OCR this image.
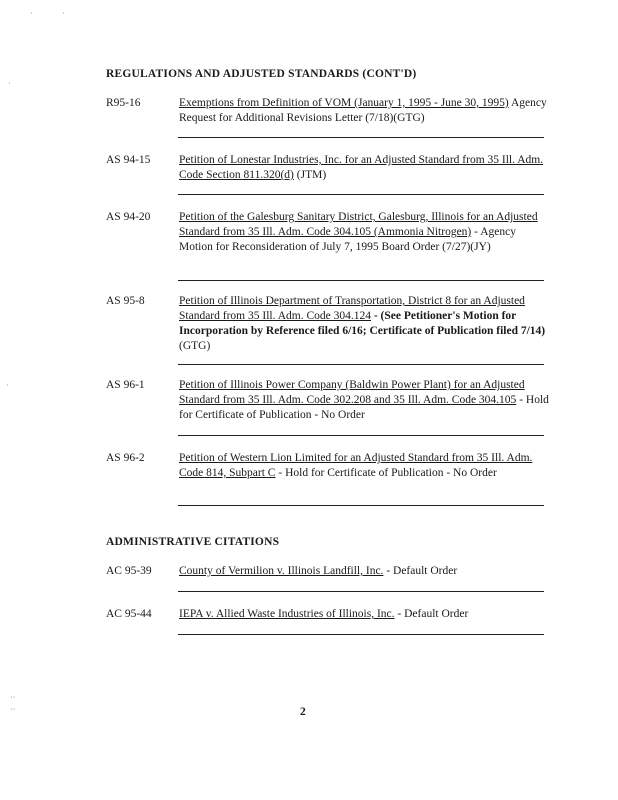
REGULATIONS AND ADJUSTED STANDARDS (CONT'D)
R95-16	Exemptions from Definition of VOM (January 1, 1995 - June 30, 1995) Agency Request for Additional Revisions Letter (7/18)(GTG)
AS 94-15	Petition of Lonestar Industries, Inc. for an Adjusted Standard from 35 Ill. Adm. Code Section 811.320(d) (JTM)
AS 94-20	Petition of the Galesburg Sanitary District, Galesburg, Illinois for an Adjusted Standard from 35 Ill. Adm. Code 304.105 (Ammonia Nitrogen) - Agency Motion for Reconsideration of July 7, 1995 Board Order (7/27)(JY)
AS 95-8	Petition of Illinois Department of Transportation, District 8 for an Adjusted Standard from 35 Ill. Adm. Code 304.124 - (See Petitioner's Motion for Incorporation by Reference filed 6/16; Certificate of Publication filed 7/14) (GTG)
AS 96-1	Petition of Illinois Power Company (Baldwin Power Plant) for an Adjusted Standard from 35 Ill. Adm. Code 302.208 and 35 Ill. Adm. Code 304.105 - Hold for Certificate of Publication - No Order
AS 96-2	Petition of Western Lion Limited for an Adjusted Standard from 35 Ill. Adm. Code 814, Subpart C - Hold for Certificate of Publication - No Order
ADMINISTRATIVE CITATIONS
AC 95-39	County of Vermilion v. Illinois Landfill, Inc. - Default Order
AC 95-44	IEPA v. Allied Waste Industries of Illinois, Inc. - Default Order
2
·	·
·
·
··
··
